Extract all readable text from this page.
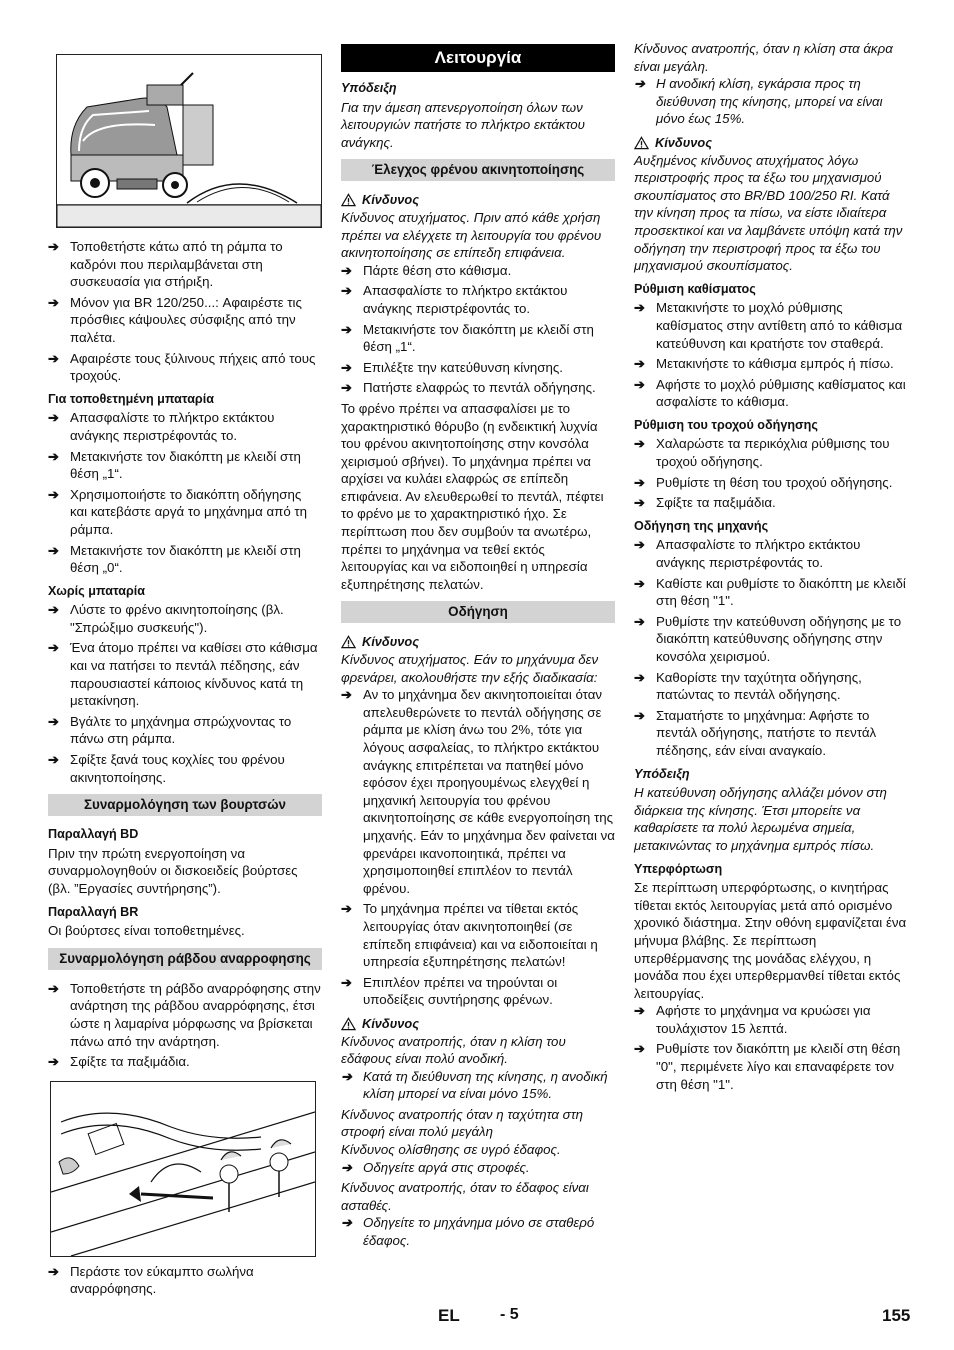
➔ Τοποθετήστε κάτω από τη ράμπα το καδρόνι που περιλαμβάνεται στη συσκευασία για στήριξη.
➔ Μόνον για BR 120/250...: Αφαιρέστε τις πρόσθιες κάψουλες σύσφιξης από την παλέτα.
➔ Αφαιρέστε τους ξύλινους πήχεις από τους τροχούς.

Για τοποθετημένη μπαταρία

➔ Απασφαλίστε το πλήκτρο εκτάκτου ανάγκης περιστρέφοντάς το.
➔ Μετακινήστε τον διακόπτη με κλειδί στη θέση „1“.
➔ Χρησιμοποιήστε το διακόπτη οδήγησης και κατεβάστε αργά το μηχάνημα από τη ράμπα.
➔ Μετακινήστε τον διακόπτη με κλειδί στη θέση „0“.

Χωρίς μπαταρία

➔ Λύστε το φρένο ακινητοποίησης (βλ. "Σπρώξιμο συσκευής").
➔ Ένα άτομο πρέπει να καθίσει στο κάθισμα και να πατήσει το πεντάλ πέδησης, εάν παρουσιαστεί κάποιος κίνδυνος κατά τη μετακίνηση.
➔ Βγάλτε το μηχάνημα σπρώχνοντας το πάνω στη ράμπα.
➔ Σφίξτε ξανά τους κοχλίες του φρένου ακινητοποίησης.
Συναρμολόγηση των βουρτσών

Παραλλαγή BD

Πριν την πρώτη ενεργοποίηση να συναρμολογηθούν οι δισκοειδείς βούρτσες (βλ. ”Εργασίες συντήρησης”).

Παραλλαγή BR

Οι βούρτσες είναι τοποθετημένες.

Συναρμολόγηση ράβδου αναρροφησης
➔ Τοποθετήστε τη ράβδο αναρρόφησης στην ανάρτηση της ράβδου αναρρόφησης, έτσι ώστε η λαμαρίνα μόρφωσης να βρίσκεται πάνω από την ανάρτηση.
➔ Σφίξτε τα παξιμάδια.
➔ Περάστε τον εύκαμπτο σωλήνα αναρρόφησης.
Λειτουργία

Υπόδειξη

Για την άμεση απενεργοποίηση όλων των λειτουργιών πατήστε το πλήκτρο εκτάκτου ανάγκης.

Έλεγχος φρένου ακινητοποίησης
Κίνδυνος

Κίνδυνος ατυχήματος. Πριν από κάθε χρήση πρέπει να ελέγχετε τη λειτουργία του φρένου ακινητοποίησης σε επίπεδη επιφάνεια.

➔ Πάρτε θέση στο κάθισμα.
➔ Απασφαλίστε το πλήκτρο εκτάκτου ανάγκης περιστρέφοντάς το.
➔ Μετακινήστε τον διακόπτη με κλειδί στη θέση „1“.
➔ Επιλέξτε την κατεύθυνση κίνησης.
➔ Πατήστε ελαφρώς το πεντάλ οδήγησης.

Το φρένο πρέπει να απασφαλίσει με το χαρακτηριστικό θόρυβο (η ενδεικτική λυχνία του φρένου ακινητοποίησης στην κονσόλα χειρισμού σβήνει). Το μηχάνημα πρέπει να αρχίσει να κυλάει ελαφρώς σε επίπεδη επιφάνεια. Αν ελευθερωθεί το πεντάλ, πέφτει το φρένο με το χαρακτηριστικό ήχο. Σε περίπτωση που δεν συμβούν τα ανωτέρω, πρέπει το μηχάνημα να τεθεί εκτός λειτουργίας και να ειδοποιηθεί η υπηρεσία εξυπηρέτησης πελατών.

Οδήγηση
Κίνδυνος

Κίνδυνος ατυχήματος. Εάν το μηχάνυμα δεν φρενάρει, ακολουθήστε την εξής διαδικασία:

➔ Αν το μηχάνημα δεν ακινητοποιείται όταν απελευθερώνετε το πεντάλ οδήγησης σε ράμπα με κλίση άνω του 2%, τότε για λόγους ασφαλείας, το πλήκτρο εκτάκτου ανάγκης επιτρέπεται να πατηθεί μόνο εφόσον έχει προηγουμένως ελεγχθεί η μηχανική λειτουργία του φρένου ακινητοποίησης σε κάθε ενεργοποίηση της μηχανής. Εάν το μηχάνημα δεν φαίνεται να φρενάρει ικανοποιητικά, πρέπει να χρησιμοποιηθεί επιπλέον το πεντάλ φρένου.
➔ Το μηχάνημα πρέπει να τίθεται εκτός λειτουργίας όταν ακινητοποιηθεί (σε επίπεδη επιφάνεια) και να ειδοποιείται η υπηρεσία εξυπηρέτησης πελατών!
➔ Επιπλέον πρέπει να τηρούνται οι υποδείξεις συντήρησης φρένων.
Κίνδυνος

Κίνδυνος ανατροπής, όταν η κλίση του εδάφους είναι πολύ ανοδική.

➔ Κατά τη διεύθυνση της κίνησης, η ανοδική κλίση μπορεί να είναι μόνο 15%.

Κίνδυνος ανατροπής όταν η ταχύτητα στη στροφή είναι πολύ μεγάλη

Κίνδυνος ολίσθησης σε υγρό έδαφος.

➔ Οδηγείτε αργά στις στροφές.

Κίνδυνος ανατροπής, όταν το έδαφος είναι ασταθές.

➔ Οδηγείτε το μηχάνημα μόνο σε σταθερό έδαφος.

Κίνδυνος ανατροπής, όταν η κλίση στα άκρα είναι μεγάλη.

➔ Η ανοδική κλίση, εγκάρσια προς τη διεύθυνση της κίνησης, μπορεί να είναι μόνο έως 15%.
Κίνδυνος

Αυξημένος κίνδυνος ατυχήματος λόγω περιστροφής προς τα έξω του μηχανισμού σκουπίσματος στο BR/BD 100/250 RI. Κατά την κίνηση προς τα πίσω, να είστε ιδιαίτερα προσεκτικοί και να λαμβάνετε υπόψη κατά την οδήγηση την περιστροφή προς τα έξω του μηχανισμού σκουπίσματος.

Ρύθμιση καθίσματος

➔ Μετακινήστε το μοχλό ρύθμισης καθίσματος στην αντίθετη από το κάθισμα κατεύθυνση και κρατήστε τον σταθερά.
➔ Μετακινήστε το κάθισμα εμπρός ή πίσω.
➔ Αφήστε το μοχλό ρύθμισης καθίσματος και ασφαλίστε το κάθισμα.

Ρύθμιση του τροχού οδήγησης

➔ Χαλαρώστε τα περικόχλια ρύθμισης του τροχού οδήγησης.
➔ Ρυθμίστε τη θέση του τροχού οδήγησης.
➔ Σφίξτε τα παξιμάδια.

Οδήγηση της μηχανής

➔ Απασφαλίστε το πλήκτρο εκτάκτου ανάγκης περιστρέφοντάς το.
➔ Καθίστε και ρυθμίστε το διακόπτη με κλειδί στη θέση "1".
➔ Ρυθμίστε την κατεύθυνση οδήγησης με το διακόπτη κατεύθυνσης οδήγησης στην κονσόλα χειρισμού.
➔ Καθορίστε την ταχύτητα οδήγησης, πατώντας το πεντάλ οδήγησης.
➔ Σταματήστε το μηχάνημα: Αφήστε το πεντάλ οδήγησης, πατήστε το πεντάλ πέδησης, εάν είναι αναγκαίο.

Υπόδειξη

Η κατεύθυνση οδήγησης αλλάζει μόνον στη διάρκεια της κίνησης. Έτσι μπορείτε να καθαρίσετε τα πολύ λερωμένα σημεία, μετακινώντας το μηχάνημα εμπρός πίσω.

Υπερφόρτωση

Σε περίπτωση υπερφόρτωσης, ο κινητήρας τίθεται εκτός λειτουργίας μετά από ορισμένο χρονικό διάστημα. Στην οθόνη εμφανίζεται ένα μήνυμα βλάβης. Σε περίπτωση υπερθέρμανσης της μονάδας ελέγχου, η μονάδα που έχει υπερθερμανθεί τίθεται εκτός λειτουργίας.

➔ Αφήστε το μηχάνημα να κρυώσει για τουλάχιστον 15 λεπτά.
➔ Ρυθμίστε τον διακόπτη με κλειδί στη θέση "0", περιμένετε λίγο και επαναφέρετε τον στη θέση "1".
EL	- 5	155
